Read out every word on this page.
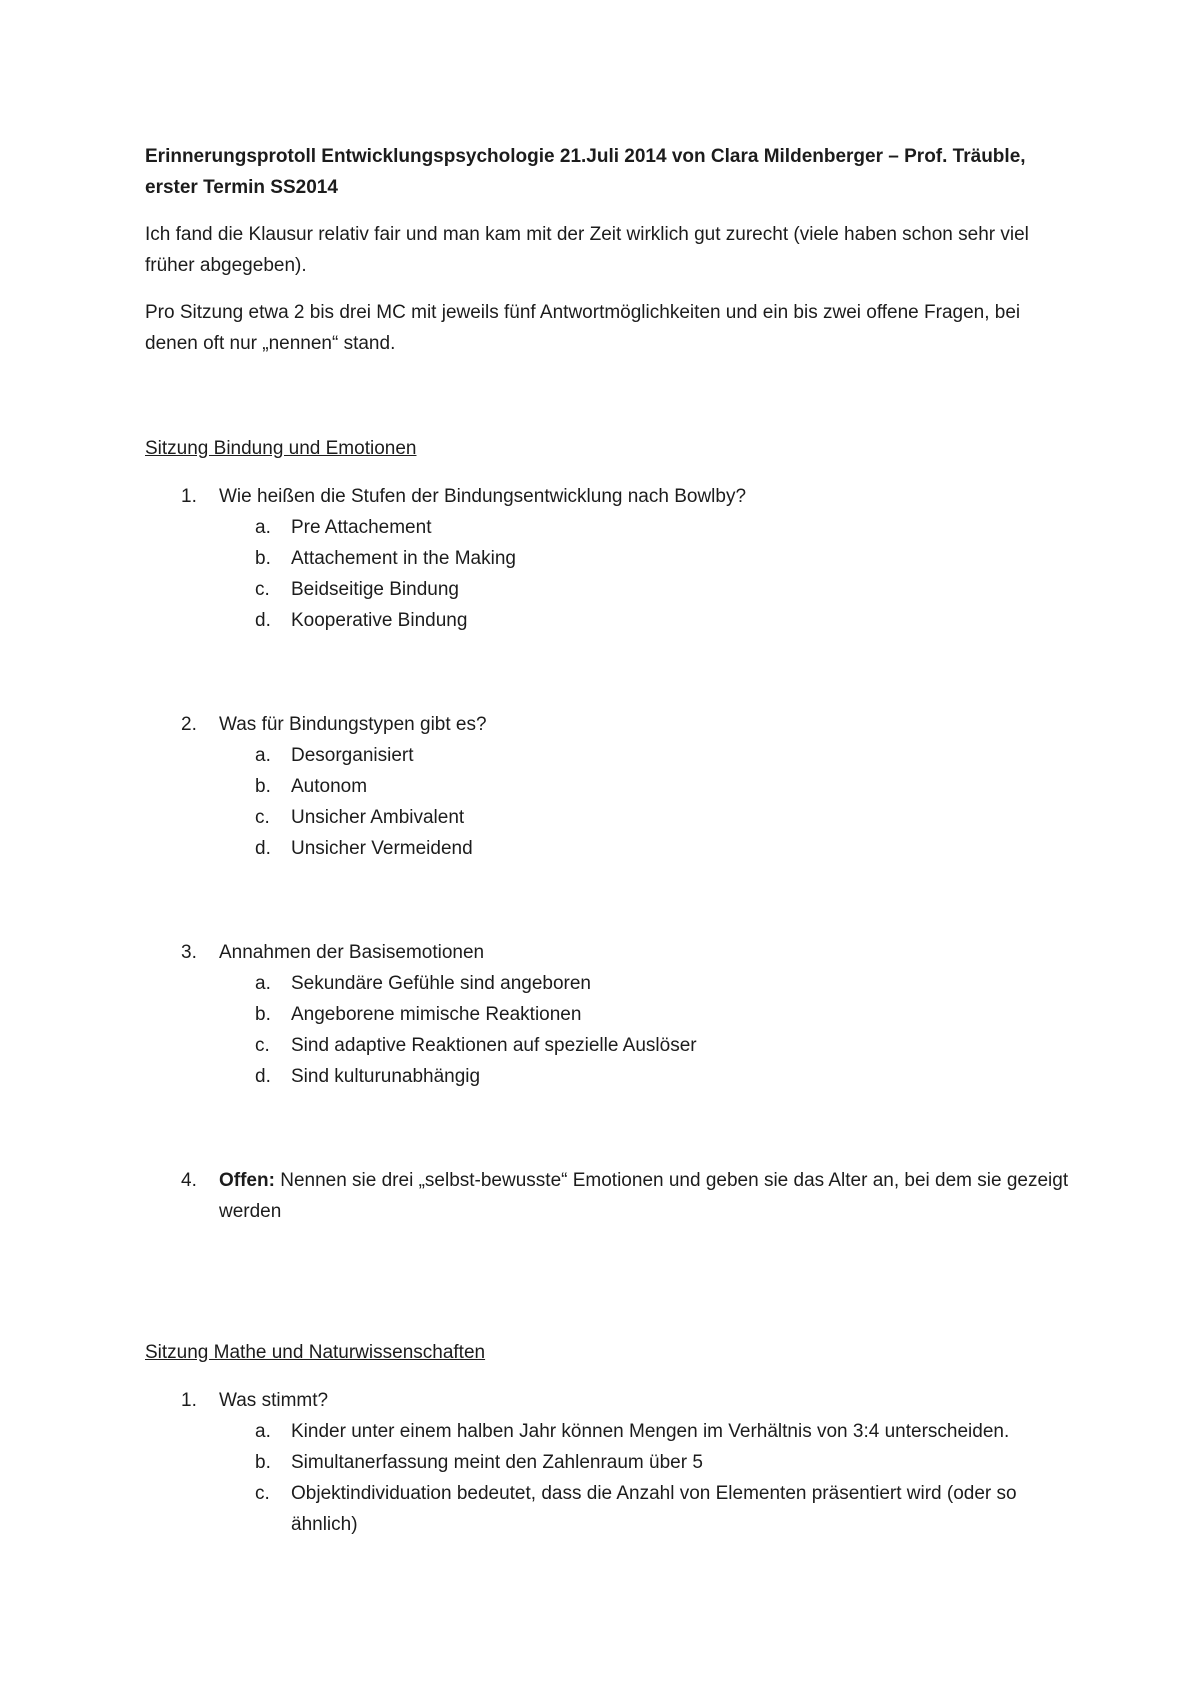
Erinnerungsprotoll Entwicklungspsychologie 21.Juli 2014 von Clara Mildenberger – Prof. Träuble, erster Termin SS2014

Ich fand die Klausur relativ fair und man kam mit der Zeit wirklich gut zurecht (viele haben schon sehr viel früher abgegeben).

Pro Sitzung etwa 2 bis drei MC mit jeweils fünf Antwortmöglichkeiten und ein bis zwei offene Fragen, bei denen oft nur „nennen“ stand.

Sitzung Bindung und Emotionen

1. Wie heißen die Stufen der Bindungsentwicklung nach Bowlby?
a.	Pre Attachement
b.	Attachement in the Making
c.	Beidseitige Bindung
d.	Kooperative Bindung
2. Was für Bindungstypen gibt es?
a.	Desorganisiert
b.	Autonom
c.	Unsicher Ambivalent
d.	Unsicher Vermeidend
3. Annahmen der Basisemotionen
a.	Sekundäre Gefühle sind angeboren
b.	Angeborene mimische Reaktionen
c.	Sind adaptive Reaktionen auf spezielle Auslöser
d.	Sind kulturunabhängig
4. Offen: Nennen sie drei „selbst-bewusste“ Emotionen und geben sie das Alter an, bei dem sie gezeigt werden

Sitzung Mathe und Naturwissenschaften

1. Was stimmt?
a.	Kinder unter einem halben Jahr können Mengen im Verhältnis von 3:4 unterscheiden.
b.	Simultanerfassung meint den Zahlenraum über 5
c.	Objektindividuation bedeutet, dass die Anzahl von Elementen präsentiert wird (oder so ähnlich)
